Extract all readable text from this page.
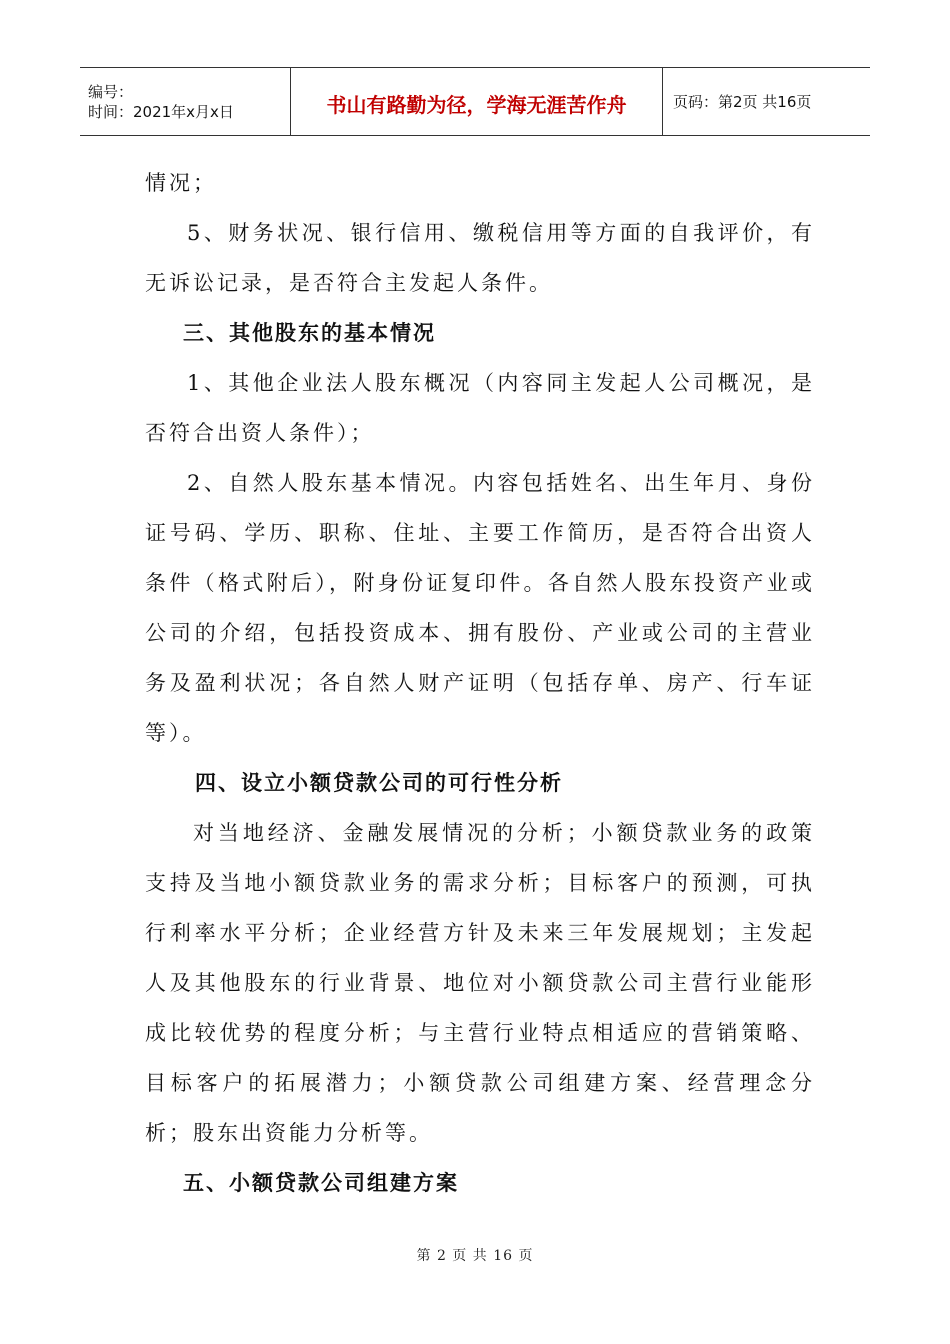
编号：
时间：2021年x月x日	书山有路勤为径，学海无涯苦作舟	页码：第2页 共16页

情况；

5、财务状况、银行信用、缴税信用等方面的自我评价，有无诉讼记录，是否符合主发起人条件。

三、其他股东的基本情况

1、其他企业法人股东概况（内容同主发起人公司概况，是否符合出资人条件）；

2、自然人股东基本情况。内容包括姓名、出生年月、身份证号码、学历、职称、住址、主要工作简历，是否符合出资人条件（格式附后），附身份证复印件。各自然人股东投资产业或公司的介绍，包括投资成本、拥有股份、产业或公司的主营业务及盈利状况；各自然人财产证明（包括存单、房产、行车证等）。

四、设立小额贷款公司的可行性分析

对当地经济、金融发展情况的分析；小额贷款业务的政策支持及当地小额贷款业务的需求分析；目标客户的预测，可执行利率水平分析；企业经营方针及未来三年发展规划；主发起人及其他股东的行业背景、地位对小额贷款公司主营行业能形成比较优势的程度分析；与主营行业特点相适应的营销策略、目标客户的拓展潜力；小额贷款公司组建方案、经营理念分析；股东出资能力分析等。

五、小额贷款公司组建方案

第 2 页 共 16 页
